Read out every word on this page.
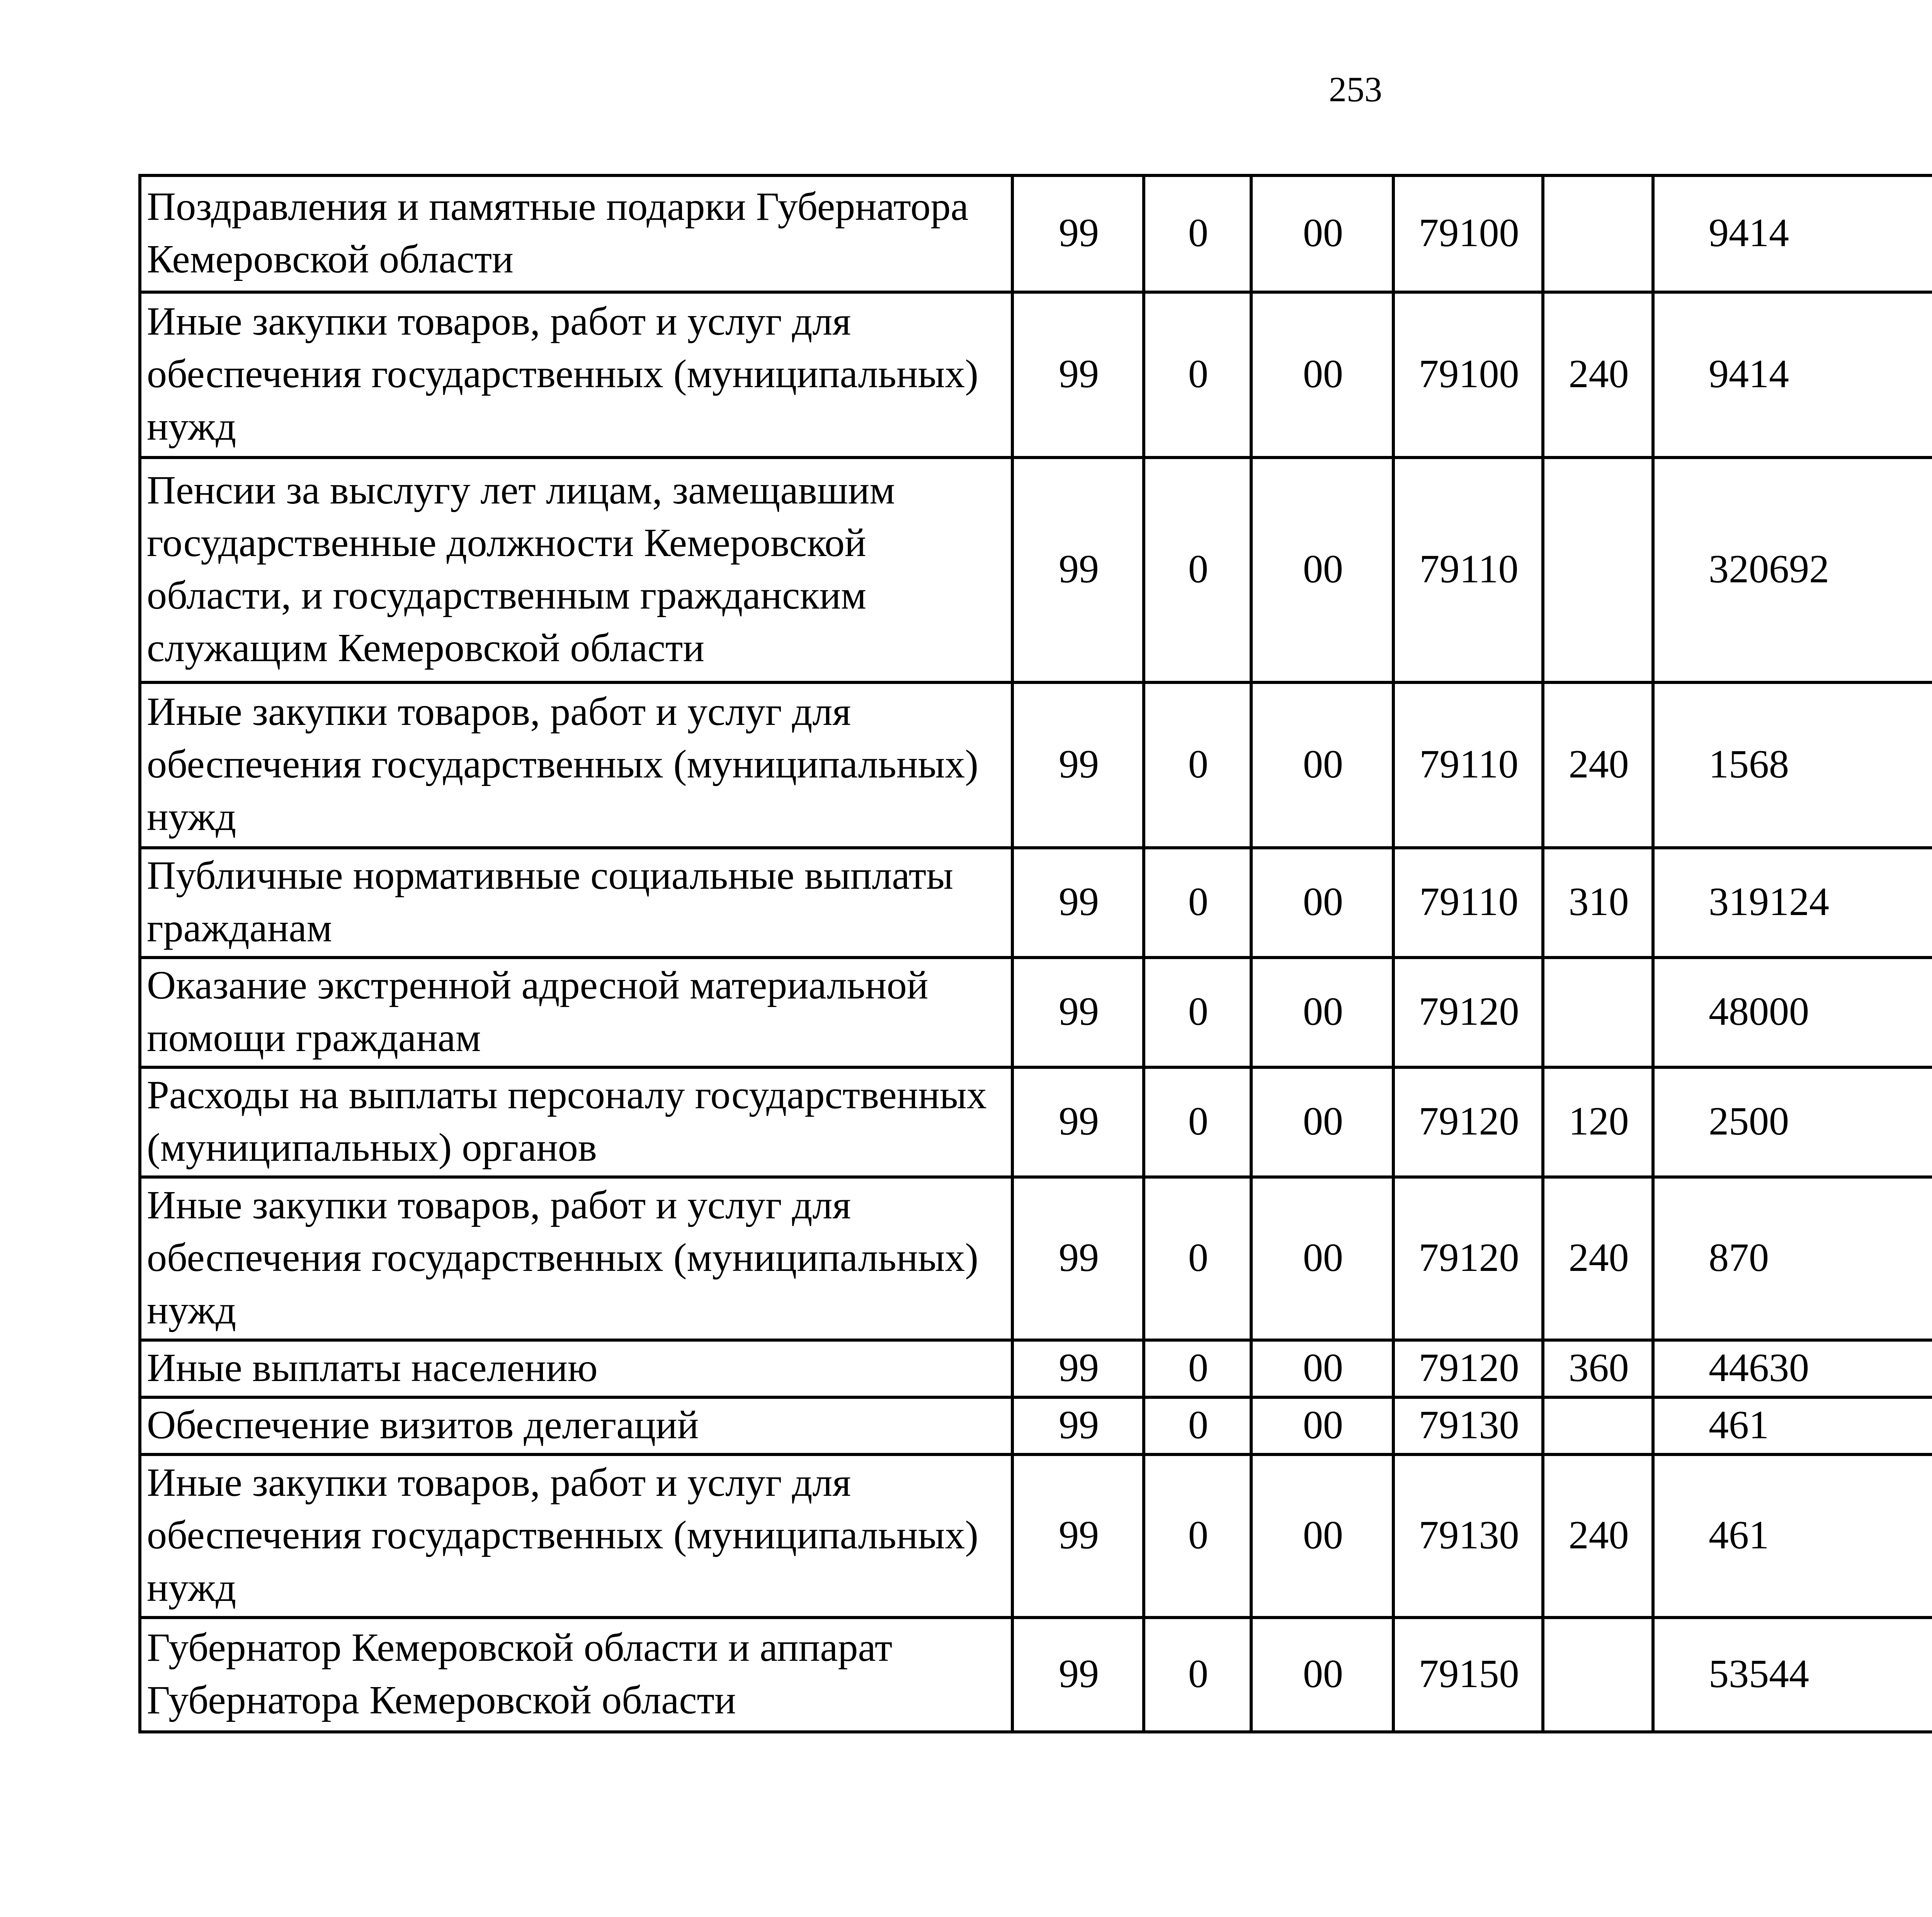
253
Поздравления и памятные подарки Губернатора Кемеровской области	99	0	00	79100		9414		
Иные закупки товаров, работ и услуг для обеспечения государственных (муниципальных) нужд	99	0	00	79100	240	9414		
Пенсии за выслугу лет лицам, замещавшим государственные должности Кемеровской области, и государственным гражданским служащим Кемеровской области	99	0	00	79110		320692		
Иные закупки товаров, работ и услуг для обеспечения государственных (муниципальных) нужд	99	0	00	79110	240	1568		
Публичные нормативные социальные выплаты гражданам	99	0	00	79110	310	319124		
Оказание экстренной адресной материальной помощи гражданам	99	0	00	79120		48000		
Расходы на выплаты персоналу государственных (муниципальных) органов	99	0	00	79120	120	2500		
Иные закупки товаров, работ и услуг для обеспечения государственных (муниципальных) нужд	99	0	00	79120	240	870		
Иные выплаты населению	99	0	00	79120	360	44630		
Обеспечение визитов делегаций	99	0	00	79130		461		
Иные закупки товаров, работ и услуг для обеспечения государственных (муниципальных) нужд	99	0	00	79130	240	461		
Губернатор Кемеровской области и аппарат Губернатора Кемеровской области	99	0	00	79150		53544		
